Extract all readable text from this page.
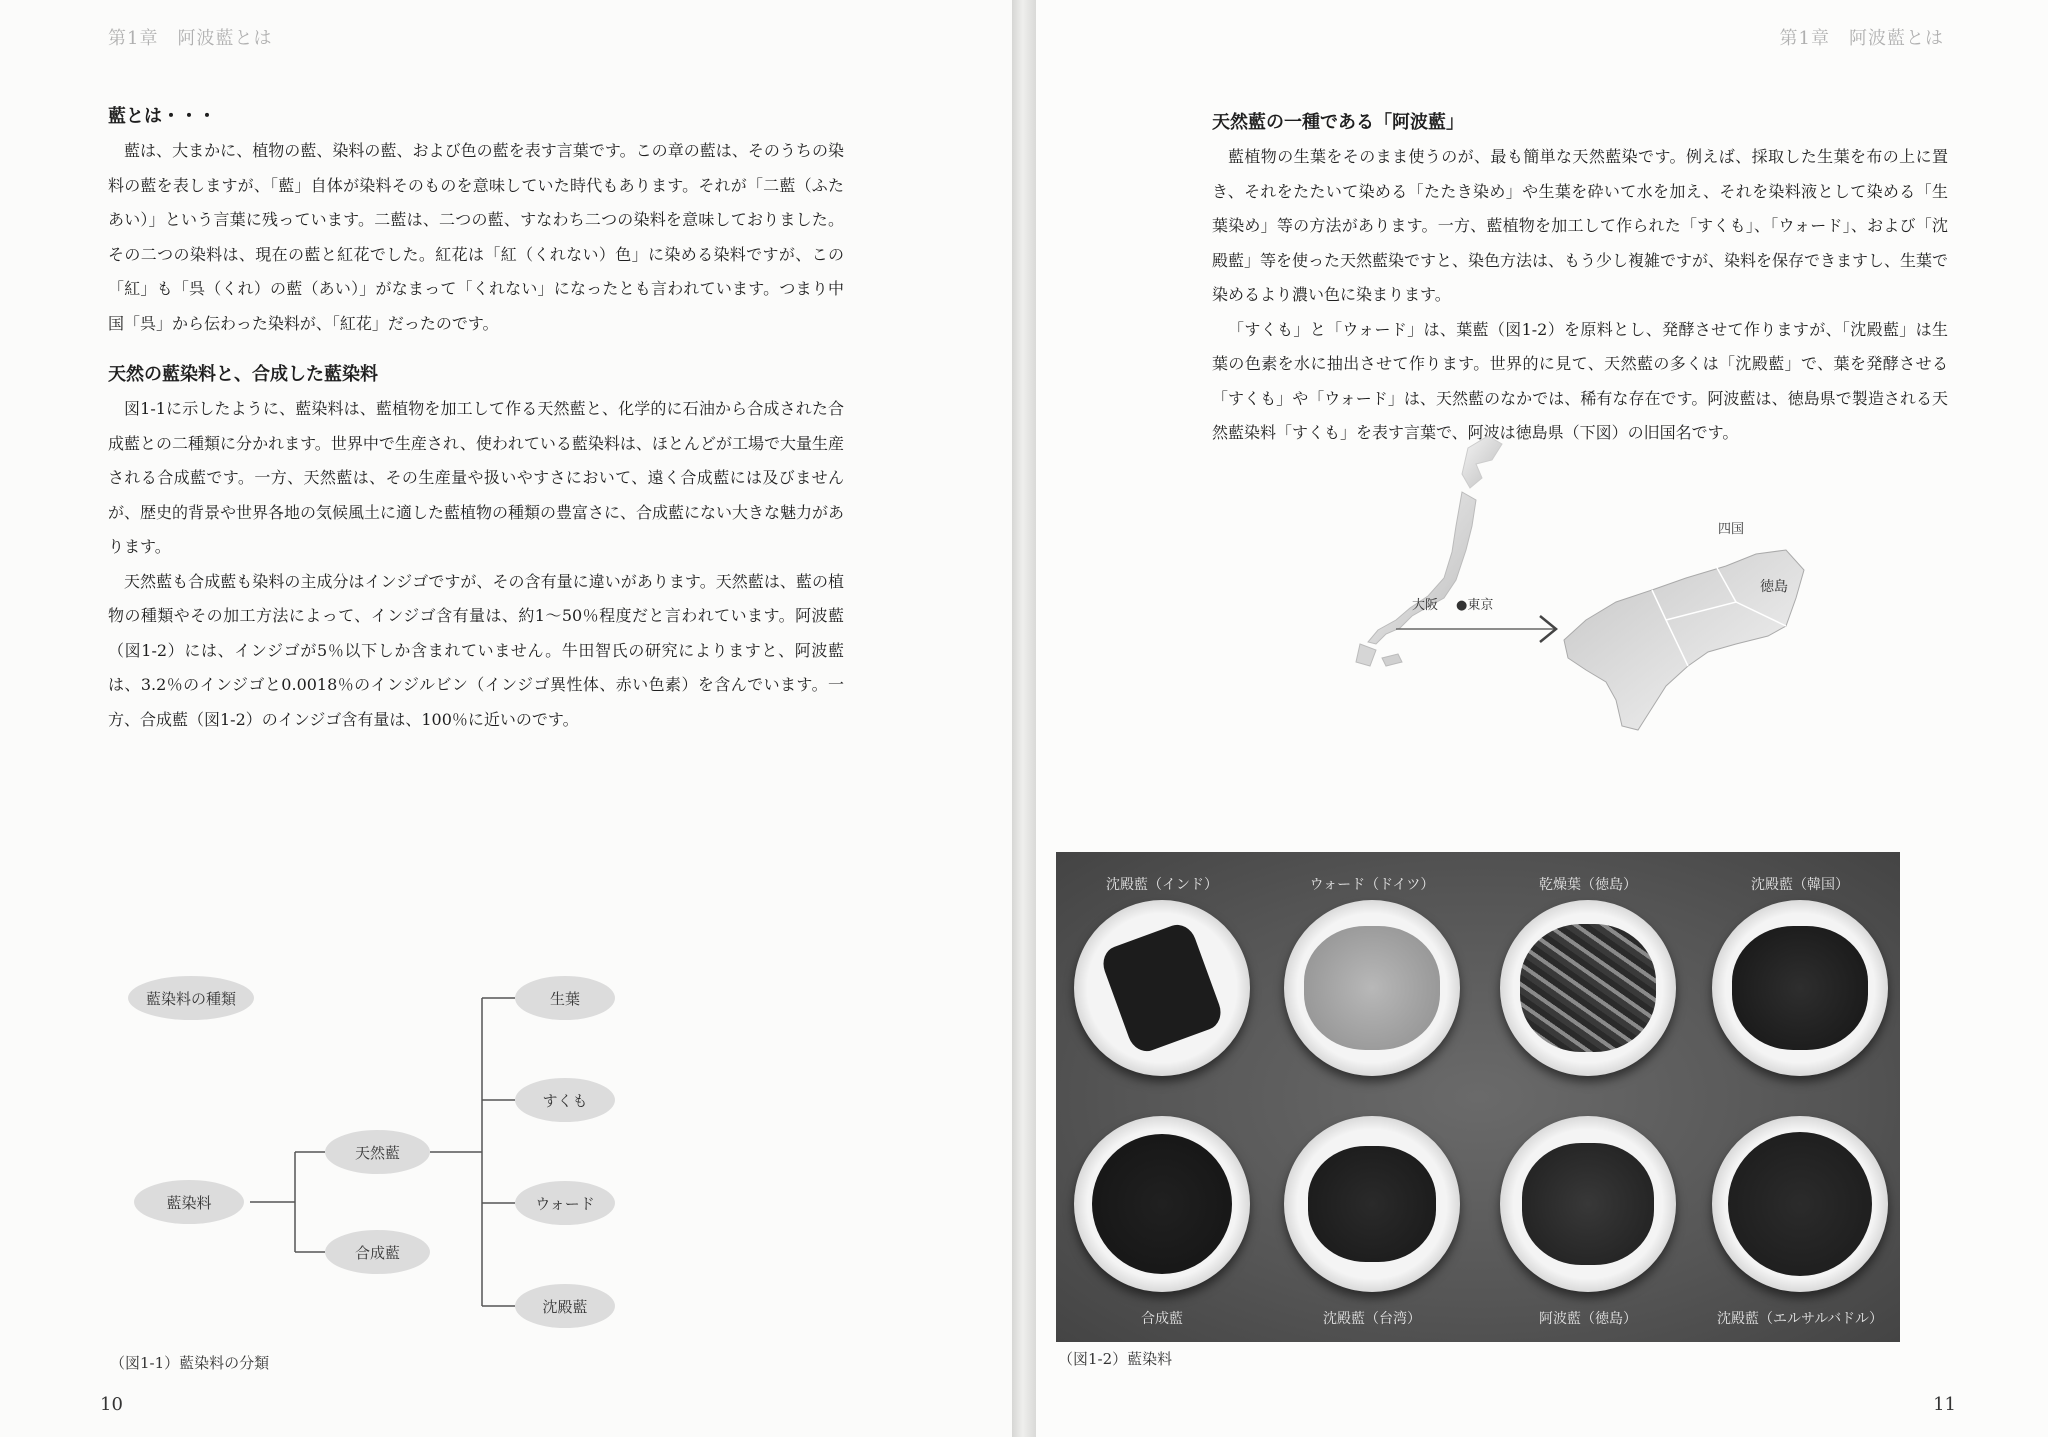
第1章　阿波藍とは

藍とは・・・

藍は、大まかに、植物の藍、染料の藍、および色の藍を表す言葉です。この章の藍は、そのうちの染料の藍を表しますが、「藍」自体が染料そのものを意味していた時代もあります。それが「二藍（ふたあい）」という言葉に残っています。二藍は、二つの藍、すなわち二つの染料を意味しておりました。その二つの染料は、現在の藍と紅花でした。紅花は「紅（くれない）色」に染める染料ですが、この「紅」も「呉（くれ）の藍（あい）」がなまって「くれない」になったとも言われています。つまり中国「呉」から伝わった染料が、「紅花」だったのです。

天然の藍染料と、合成した藍染料

図1-1に示したように、藍染料は、藍植物を加工して作る天然藍と、化学的に石油から合成された合成藍との二種類に分かれます。世界中で生産され、使われている藍染料は、ほとんどが工場で大量生産される合成藍です。一方、天然藍は、その生産量や扱いやすさにおいて、遠く合成藍には及びませんが、歴史的背景や世界各地の気候風土に適した藍植物の種類の豊富さに、合成藍にない大きな魅力があります。

天然藍も合成藍も染料の主成分はインジゴですが、その含有量に違いがあります。天然藍は、藍の植物の種類やその加工方法によって、インジゴ含有量は、約1～50％程度だと言われています。阿波藍（図1-2）には、インジゴが5％以下しか含まれていません。牛田智氏の研究によりますと、阿波藍は、3.2％のインジゴと0.0018％のインジルビン（インジゴ異性体、赤い色素）を含んでいます。一方、合成藍（図1-2）のインジゴ含有量は、100％に近いのです。

藍染料の種類
藍染料
天然藍
合成藍
生葉
すくも
ウォード
沈殿藍
（図1-1）藍染料の分類
10
第1章　阿波藍とは

天然藍の一種である「阿波藍」

藍植物の生葉をそのまま使うのが、最も簡単な天然藍染です。例えば、採取した生葉を布の上に置き、それをたたいて染める「たたき染め」や生葉を砕いて水を加え、それを染料液として染める「生葉染め」等の方法があります。一方、藍植物を加工して作られた「すくも」、「ウォード」、および「沈殿藍」等を使った天然藍染ですと、染色方法は、もう少し複雑ですが、染料を保存できますし、生葉で染めるより濃い色に染まります。

「すくも」と「ウォード」は、葉藍（図1-2）を原料とし、発酵させて作りますが、「沈殿藍」は生葉の色素を水に抽出させて作ります。世界的に見て、天然藍の多くは「沈殿藍」で、葉を発酵させる「すくも」や「ウォード」は、天然藍のなかでは、稀有な存在です。阿波藍は、徳島県で製造される天然藍染料「すくも」を表す言葉で、阿波は徳島県（下図）の旧国名です。

大阪 ●東京
四国
徳島
沈殿藍（インド）	ウォード（ドイツ）	乾燥葉（徳島）	沈殿藍（韓国）
合成藍	沈殿藍（台湾）	阿波藍（徳島）	沈殿藍（エルサルバドル）
（図1-2）藍染料
11
